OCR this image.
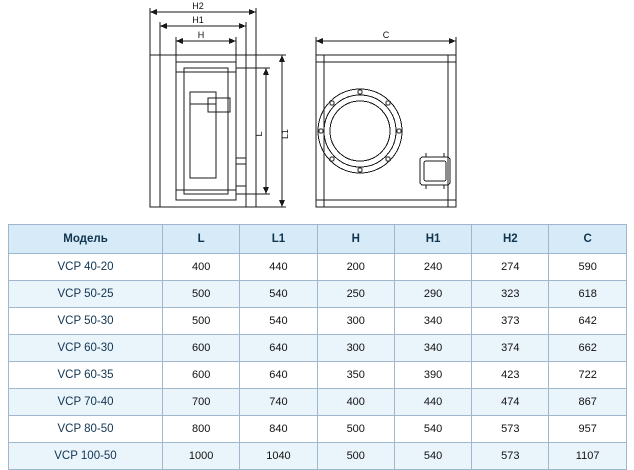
H2
H1
H
L1
L
C
Модель	L	L1	H	H1	H2	C
VCP 40-20	400	440	200	240	274	590
VCP 50-25	500	540	250	290	323	618
VCP 50-30	500	540	300	340	373	642
VCP 60-30	600	640	300	340	374	662
VCP 60-35	600	640	350	390	423	722
VCP 70-40	700	740	400	440	474	867
VCP 80-50	800	840	500	540	573	957
VCP 100-50	1000	1040	500	540	573	1107
